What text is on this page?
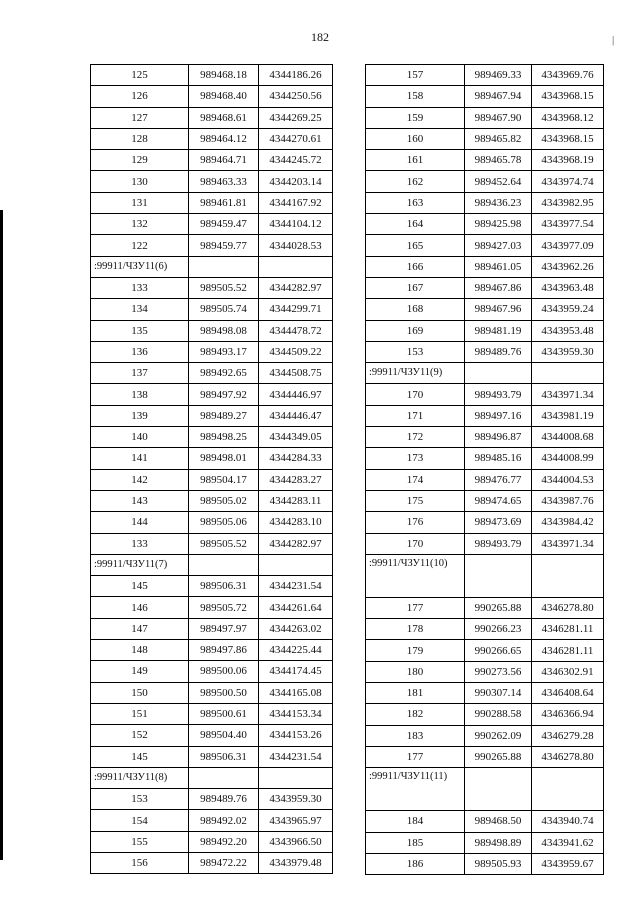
182	|
125	989468.18	4344186.26
126	989468.40	4344250.56
127	989468.61	4344269.25
128	989464.12	4344270.61
129	989464.71	4344245.72
130	989463.33	4344203.14
131	989461.81	4344167.92
132	989459.47	4344104.12
122	989459.77	4344028.53
:99911/ЧЗУ11(6)		
133	989505.52	4344282.97
134	989505.74	4344299.71
135	989498.08	4344478.72
136	989493.17	4344509.22
137	989492.65	4344508.75
138	989497.92	4344446.97
139	989489.27	4344446.47
140	989498.25	4344349.05
141	989498.01	4344284.33
142	989504.17	4344283.27
143	989505.02	4344283.11
144	989505.06	4344283.10
133	989505.52	4344282.97
:99911/ЧЗУ11(7)		
145	989506.31	4344231.54
146	989505.72	4344261.64
147	989497.97	4344263.02
148	989497.86	4344225.44
149	989500.06	4344174.45
150	989500.50	4344165.08
151	989500.61	4344153.34
152	989504.40	4344153.26
145	989506.31	4344231.54
:99911/ЧЗУ11(8)		
153	989489.76	4343959.30
154	989492.02	4343965.97
155	989492.20	4343966.50
156	989472.22	4343979.48
157	989469.33	4343969.76
158	989467.94	4343968.15
159	989467.90	4343968.12
160	989465.82	4343968.15
161	989465.78	4343968.19
162	989452.64	4343974.74
163	989436.23	4343982.95
164	989425.98	4343977.54
165	989427.03	4343977.09
166	989461.05	4343962.26
167	989467.86	4343963.48
168	989467.96	4343959.24
169	989481.19	4343953.48
153	989489.76	4343959.30
:99911/ЧЗУ11(9)		
170	989493.79	4343971.34
171	989497.16	4343981.19
172	989496.87	4344008.68
173	989485.16	4344008.99
174	989476.77	4344004.53
175	989474.65	4343987.76
176	989473.69	4343984.42
170	989493.79	4343971.34
:99911/ЧЗУ11(10)		
177	990265.88	4346278.80
178	990266.23	4346281.11
179	990266.65	4346281.11
180	990273.56	4346302.91
181	990307.14	4346408.64
182	990288.58	4346366.94
183	990262.09	4346279.28
177	990265.88	4346278.80
:99911/ЧЗУ11(11)		
184	989468.50	4343940.74
185	989498.89	4343941.62
186	989505.93	4343959.67
